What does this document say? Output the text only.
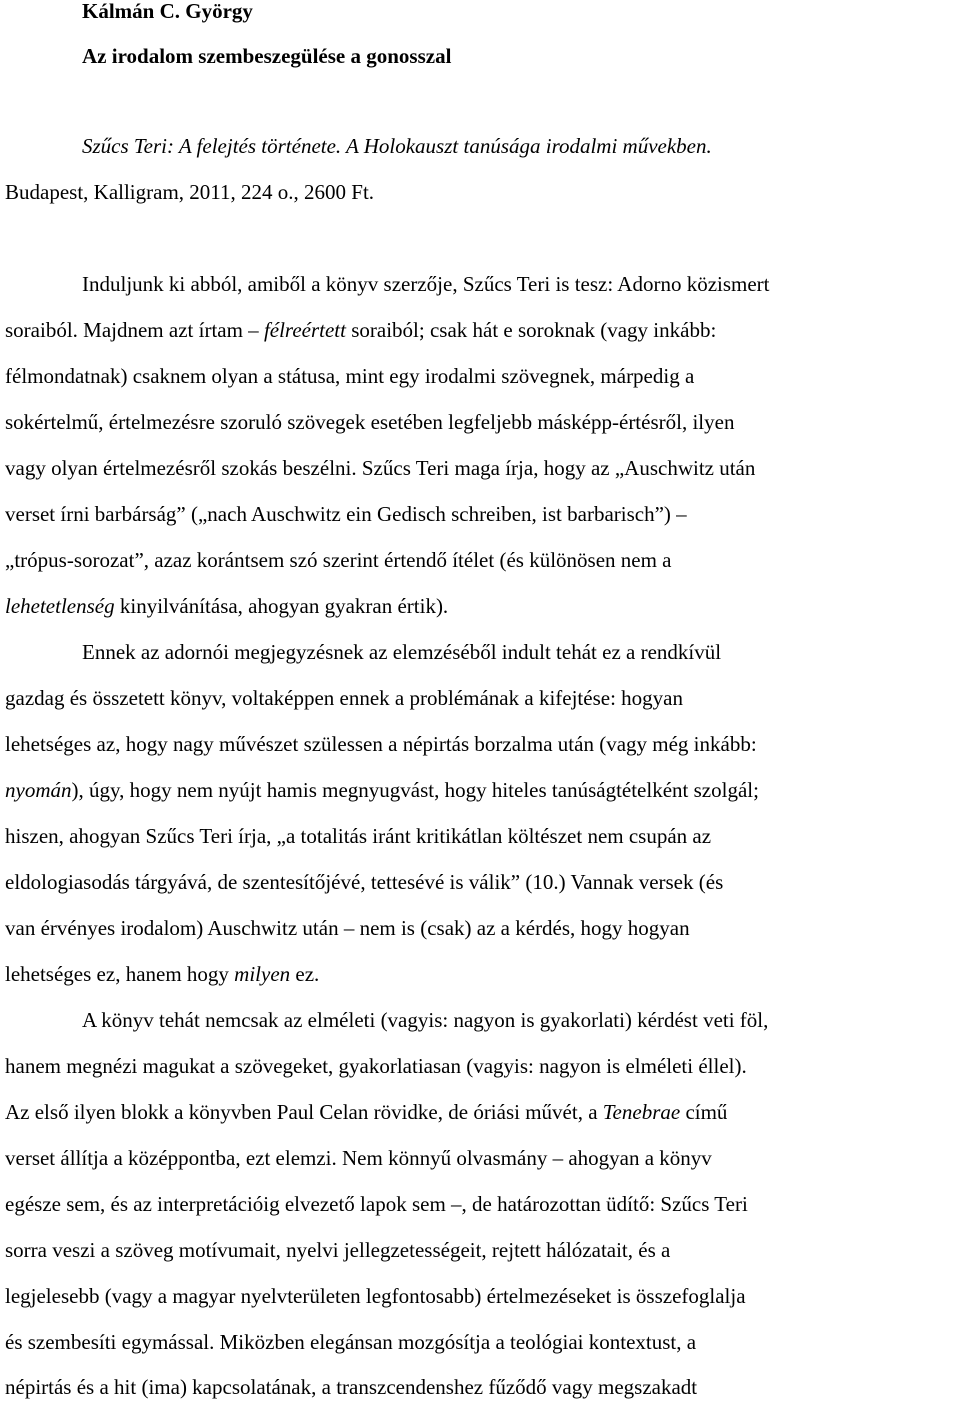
Kálmán C. György

Az irodalom szembeszegülése a gonosszal

Szűcs Teri: A felejtés története. A Holokauszt tanúsága irodalmi művekben.

Budapest, Kalligram, 2011, 224 o., 2600 Ft.

Induljunk ki abból, amiből a könyv szerzője, Szűcs Teri is tesz: Adorno közismert

soraiból. Majdnem azt írtam – félreértett soraiból; csak hát e soroknak (vagy inkább:

félmondatnak) csaknem olyan a státusa, mint egy irodalmi szövegnek, márpedig a

sokértelmű, értelmezésre szoruló szövegek esetében legfeljebb másképp-értésről, ilyen

vagy olyan értelmezésről szokás beszélni. Szűcs Teri maga írja, hogy az „Auschwitz után

verset írni barbárság” („nach Auschwitz ein Gedisch schreiben, ist barbarisch”) –

„trópus-sorozat”, azaz korántsem szó szerint értendő ítélet (és különösen nem a

lehetetlenség kinyilvánítása, ahogyan gyakran értik).

Ennek az adornói megjegyzésnek az elemzéséből indult tehát ez a rendkívül

gazdag és összetett könyv, voltaképpen ennek a problémának a kifejtése: hogyan

lehetséges az, hogy nagy művészet szülessen a népirtás borzalma után (vagy még inkább:

nyomán), úgy, hogy nem nyújt hamis megnyugvást, hogy hiteles tanúságtételként szolgál;

hiszen, ahogyan Szűcs Teri írja, „a totalitás iránt kritikátlan költészet nem csupán az

eldologiasodás tárgyává, de szentesítőjévé, tettesévé is válik” (10.) Vannak versek (és

van érvényes irodalom) Auschwitz után – nem is (csak) az a kérdés, hogy hogyan

lehetséges ez, hanem hogy milyen ez.

A könyv tehát nemcsak az elméleti (vagyis: nagyon is gyakorlati) kérdést veti föl,

hanem megnézi magukat a szövegeket, gyakorlatiasan (vagyis: nagyon is elméleti éllel).

Az első ilyen blokk a könyvben Paul Celan rövidke, de óriási művét, a Tenebrae című

verset állítja a középpontba, ezt elemzi. Nem könnyű olvasmány – ahogyan a könyv

egésze sem, és az interpretációig elvezető lapok sem –, de határozottan üdítő: Szűcs Teri

sorra veszi a szöveg motívumait, nyelvi jellegzetességeit, rejtett hálózatait, és a

legjelesebb (vagy a magyar nyelvterületen legfontosabb) értelmezéseket is összefoglalja

és szembesíti egymással. Miközben elegánsan mozgósítja a teológiai kontextust, a

népirtás és a hit (ima) kapcsolatának, a transzcendenshez fűződő vagy megszakadt
